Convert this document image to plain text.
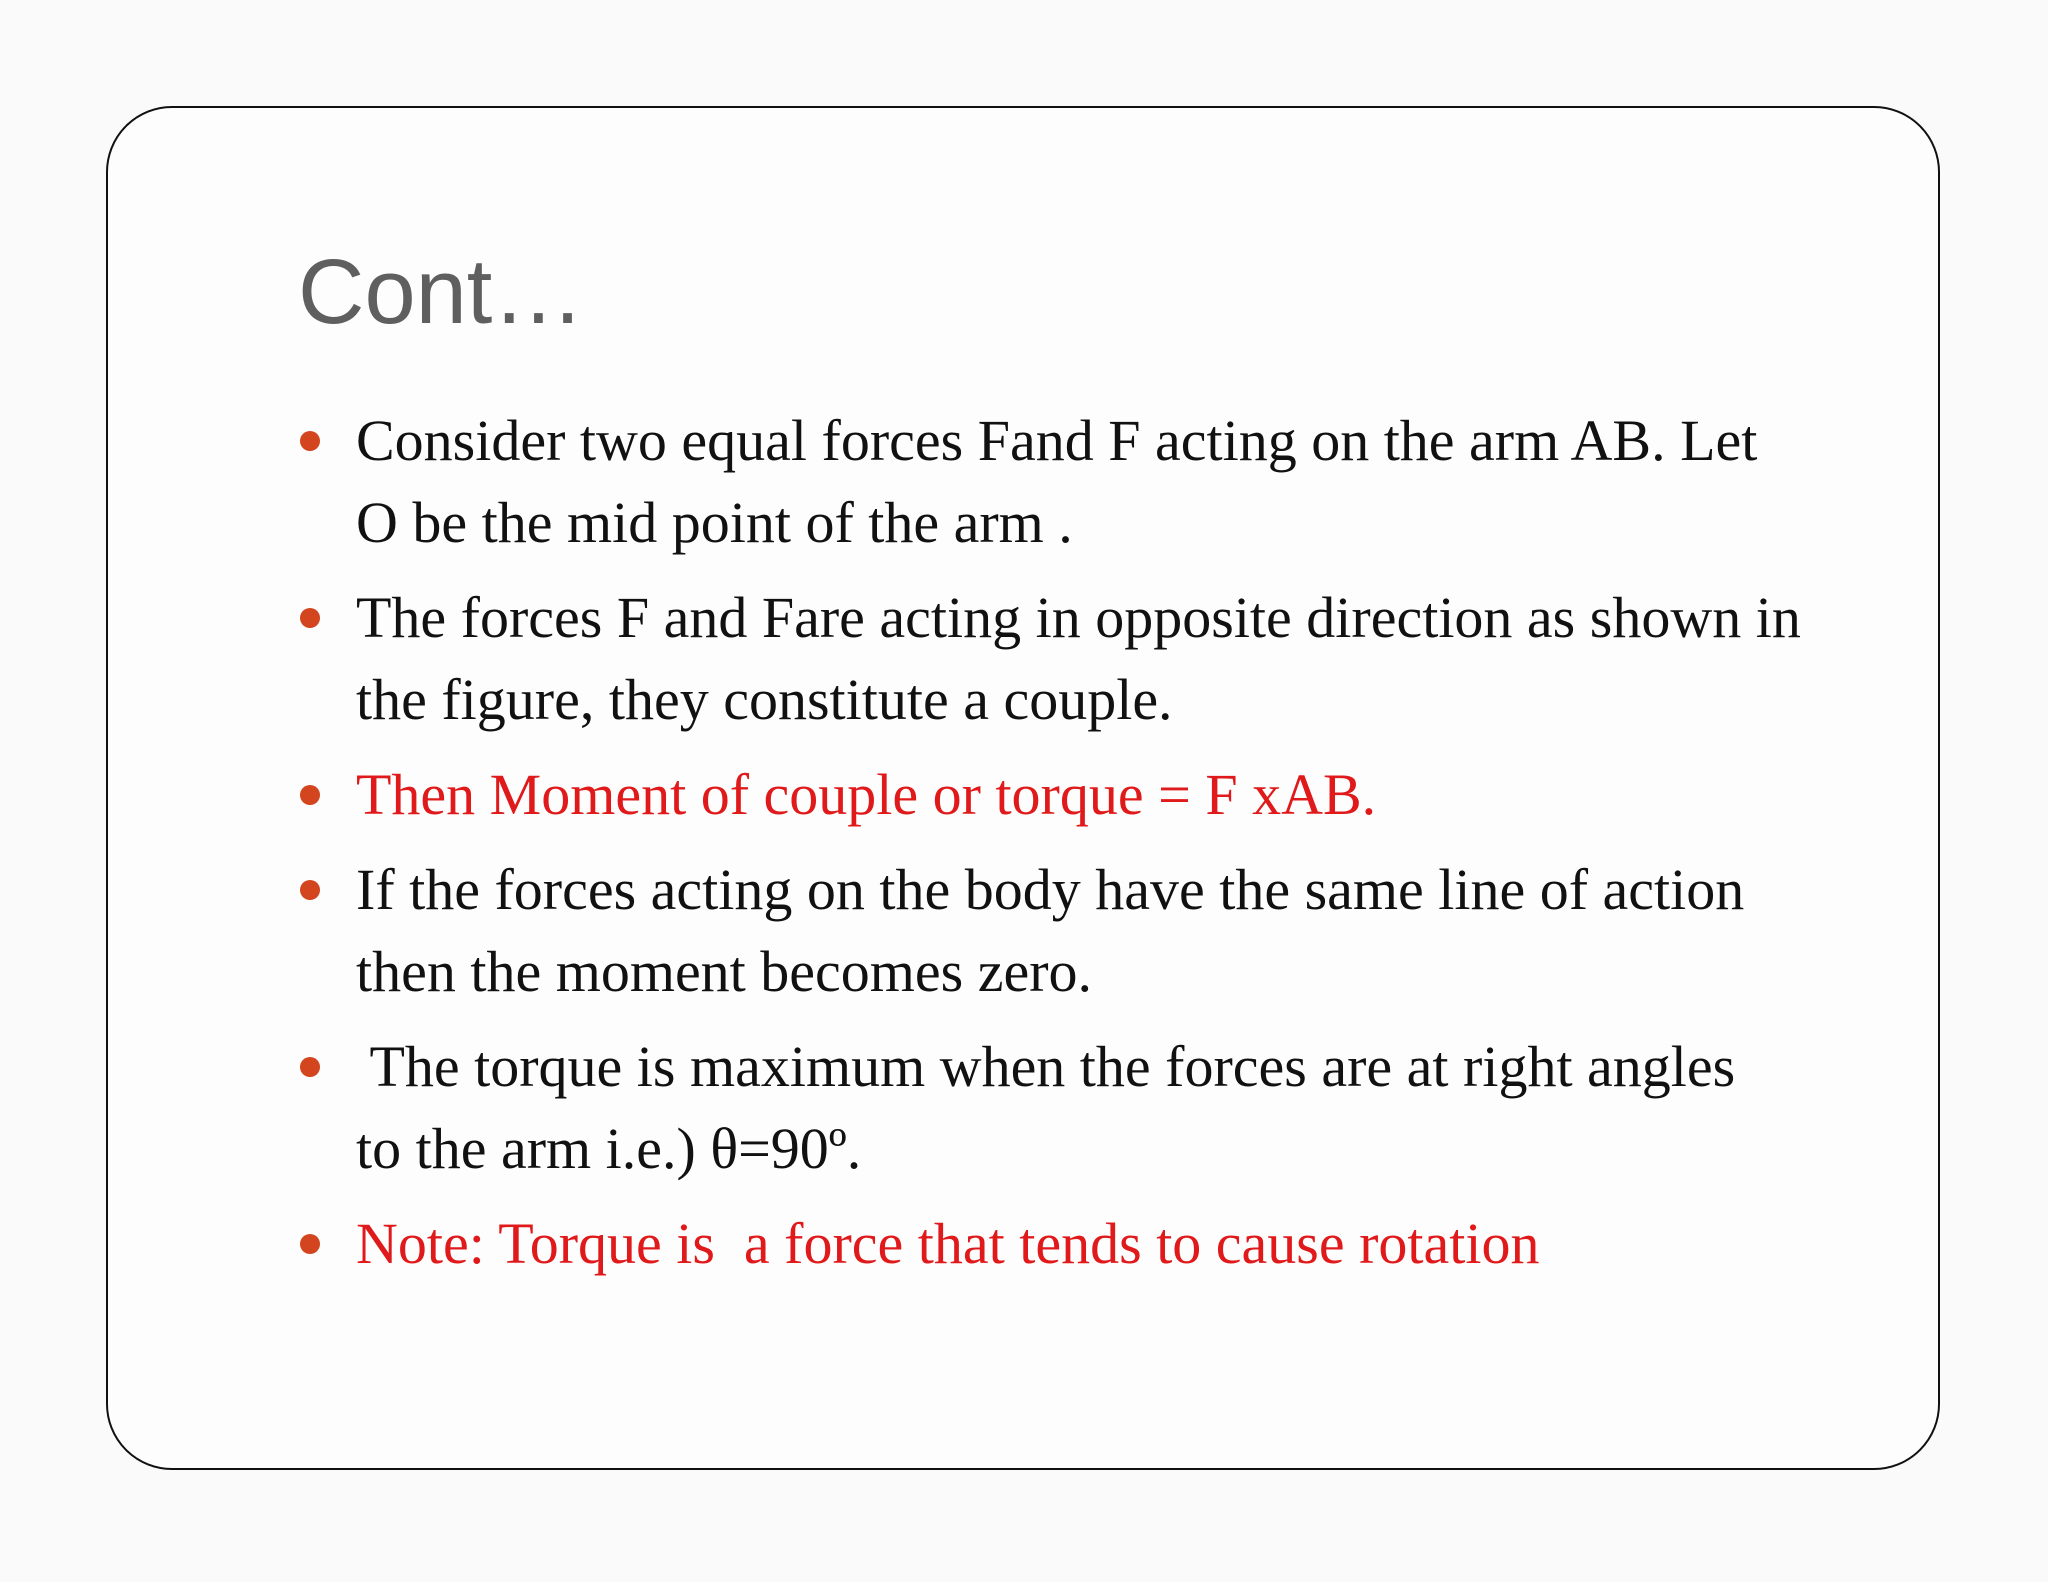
Cont…
Consider two equal forces Fand F acting on the arm AB. Let
O be the mid point of the arm .
The forces F and Fare acting in opposite direction as shown in
the figure, they constitute a couple.
Then Moment of couple or torque = F xAB.
If the forces acting on the body have the same line of action
then the moment becomes zero.
The torque is maximum when the forces are at right angles
to the arm i.e.) θ=90º.
Note: Torque is  a force that tends to cause rotation
